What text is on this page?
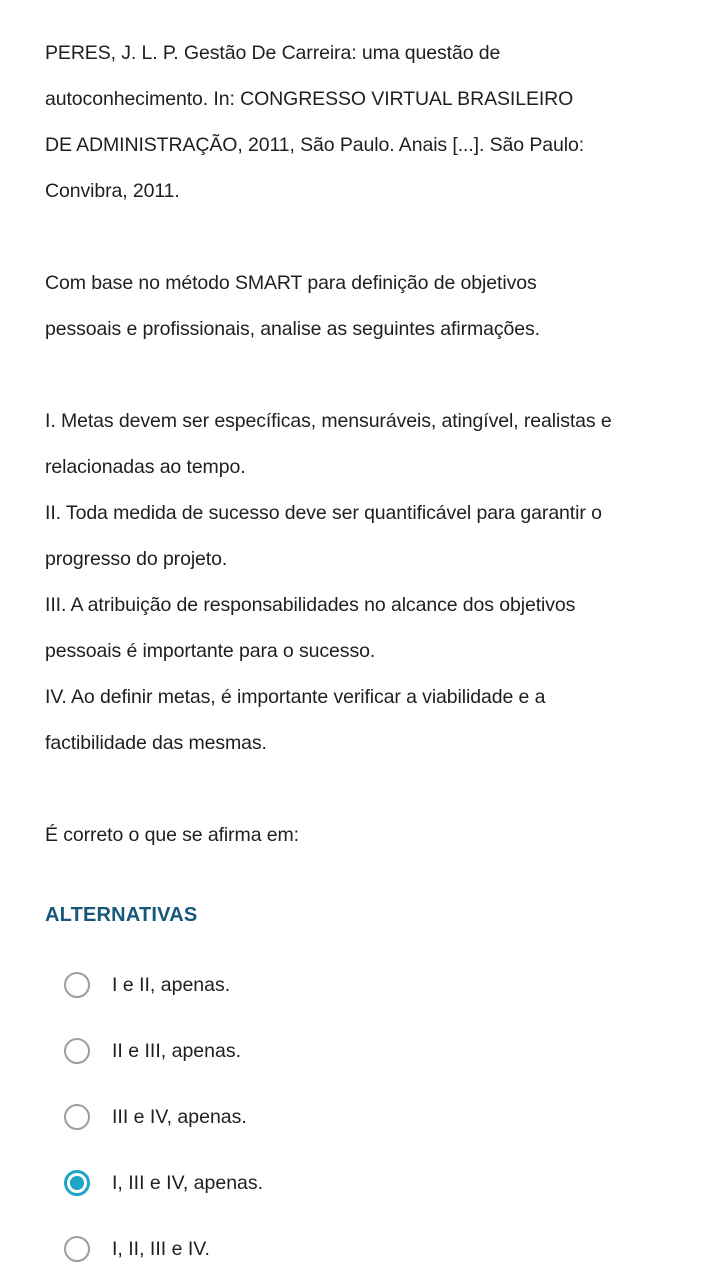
PERES, J. L. P. Gestão De Carreira: uma questão de

autoconhecimento. In: CONGRESSO VIRTUAL BRASILEIRO

DE ADMINISTRAÇÃO, 2011, São Paulo. Anais [...]. São Paulo:

Convibra, 2011.

Com base no método SMART para definição de objetivos

pessoais e profissionais, analise as seguintes afirmações.

I. Metas devem ser específicas, mensuráveis, atingível, realistas e

relacionadas ao tempo.

II. Toda medida de sucesso deve ser quantificável para garantir o

progresso do projeto.

III. A atribuição de responsabilidades no alcance dos objetivos

pessoais é importante para o sucesso.

IV. Ao definir metas, é importante verificar a viabilidade e a

factibilidade das mesmas.

É correto o que se afirma em:

ALTERNATIVAS

I e II, apenas.
II e III, apenas.
III e IV, apenas.
I, III e IV, apenas.
I, II, III e IV.
